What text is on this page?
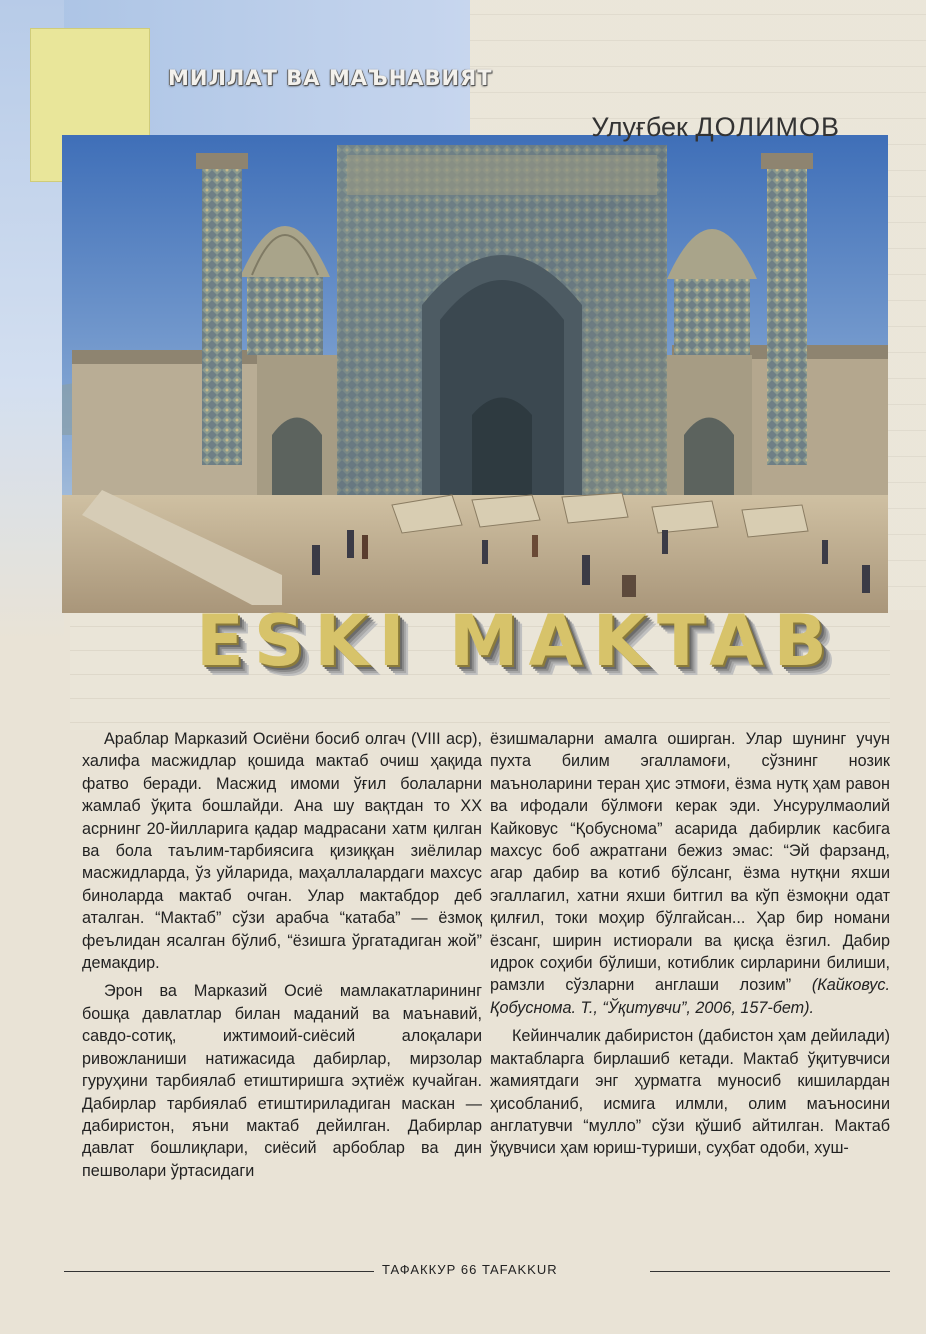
МИЛЛАТ ВА МАЪНАВИЯТ

Улуғбек ДОЛИМОВ

ESKI MAKTAB

Араблар Марказий Осиёни босиб олгач (VIII аср), халифа масжидлар қошида мактаб очиш ҳақида фатво беради. Масжид имоми ўғил болаларни жамлаб ўқита бошлайди. Ана шу вақтдан то ХХ асрнинг 20-йилларига қадар мадрасани хатм қилган ва бола таълим-тарбиясига қизиққан зиёлилар масжидларда, ўз уйларида, маҳаллалардаги махсус биноларда мактаб очган. Улар мактабдор деб аталган. “Мактаб” сўзи арабча “катаба” — ёзмоқ феълидан ясалган бўлиб, “ёзишга ўргатадиган жой” демакдир.

Эрон ва Марказий Осиё мамлакатларининг бошқа давлатлар билан маданий ва маънавий, савдо-сотиқ, ижтимоий-сиёсий алоқалари ривожланиши натижасида дабирлар, мирзолар гуруҳини тарбиялаб етиштиришга эҳтиёж кучайган. Дабирлар тарбиялаб етиштириладиган маскан — дабиристон, яъни мактаб дейилган. Дабирлар давлат бошлиқлари, сиёсий арбоблар ва дин пешволари ўртасидаги

ёзишмаларни амалга оширган. Улар шунинг учун пухта билим эгалламоғи, сўзнинг нозик маъноларини теран ҳис этмоғи, ёзма нутқ ҳам равон ва ифодали бўлмоғи керак эди. Унсурулмаолий Кайковус “Қобусномa” асарида дабирлик касбига махсус боб ажратгани бежиз эмас: “Эй фарзанд, агар дабир ва котиб бўлсанг, ёзма нутқни яхши эгаллагил, хатни яхши битгил ва кўп ёзмоқни одат қилғил, токи моҳир бўлгайсан... Ҳар бир номани ёзсанг, ширин истиорали ва қисқа ёзгил. Дабир идрок соҳиби бўлиши, котиблик сирларини билиши, рамзли сўзларни англаши лозим” (Кайковус. Қобуснома. Т., “Ўқитувчи”, 2006, 157-бет).

Кейинчалик дабиристон (дабистон ҳам дейилади) мактабларга бирлашиб кетади. Мактаб ўқитувчиси жамиятдаги энг ҳурматга муносиб кишилардан ҳисобланиб, исмига илмли, олим маъносини англатувчи “мулло” сўзи қўшиб айтилган. Мактаб ўқувчиси ҳам юриш-туриши, суҳбат одоби, хуш-

ТАФАККУР 66 TAFAKKUR
